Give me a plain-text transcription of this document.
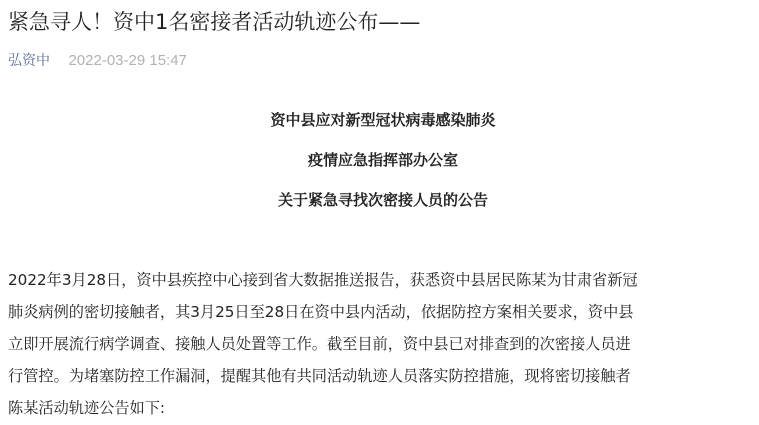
紧急寻人！资中1名密接者活动轨迹公布——
弘资中 2022-03-29 15:47
资中县应对新型冠状病毒感染肺炎
疫情应急指挥部办公室
关于紧急寻找次密接人员的公告
2022年3月28日，资中县疾控中心接到省大数据推送报告，获悉资中县居民陈某为甘肃省新冠
肺炎病例的密切接触者，其3月25日至28日在资中县内活动，依据防控方案相关要求，资中县
立即开展流行病学调查、接触人员处置等工作。截至目前，资中县已对排查到的次密接人员进
行管控。为堵塞防控工作漏洞，提醒其他有共同活动轨迹人员落实防控措施，现将密切接触者
陈某活动轨迹公告如下:
